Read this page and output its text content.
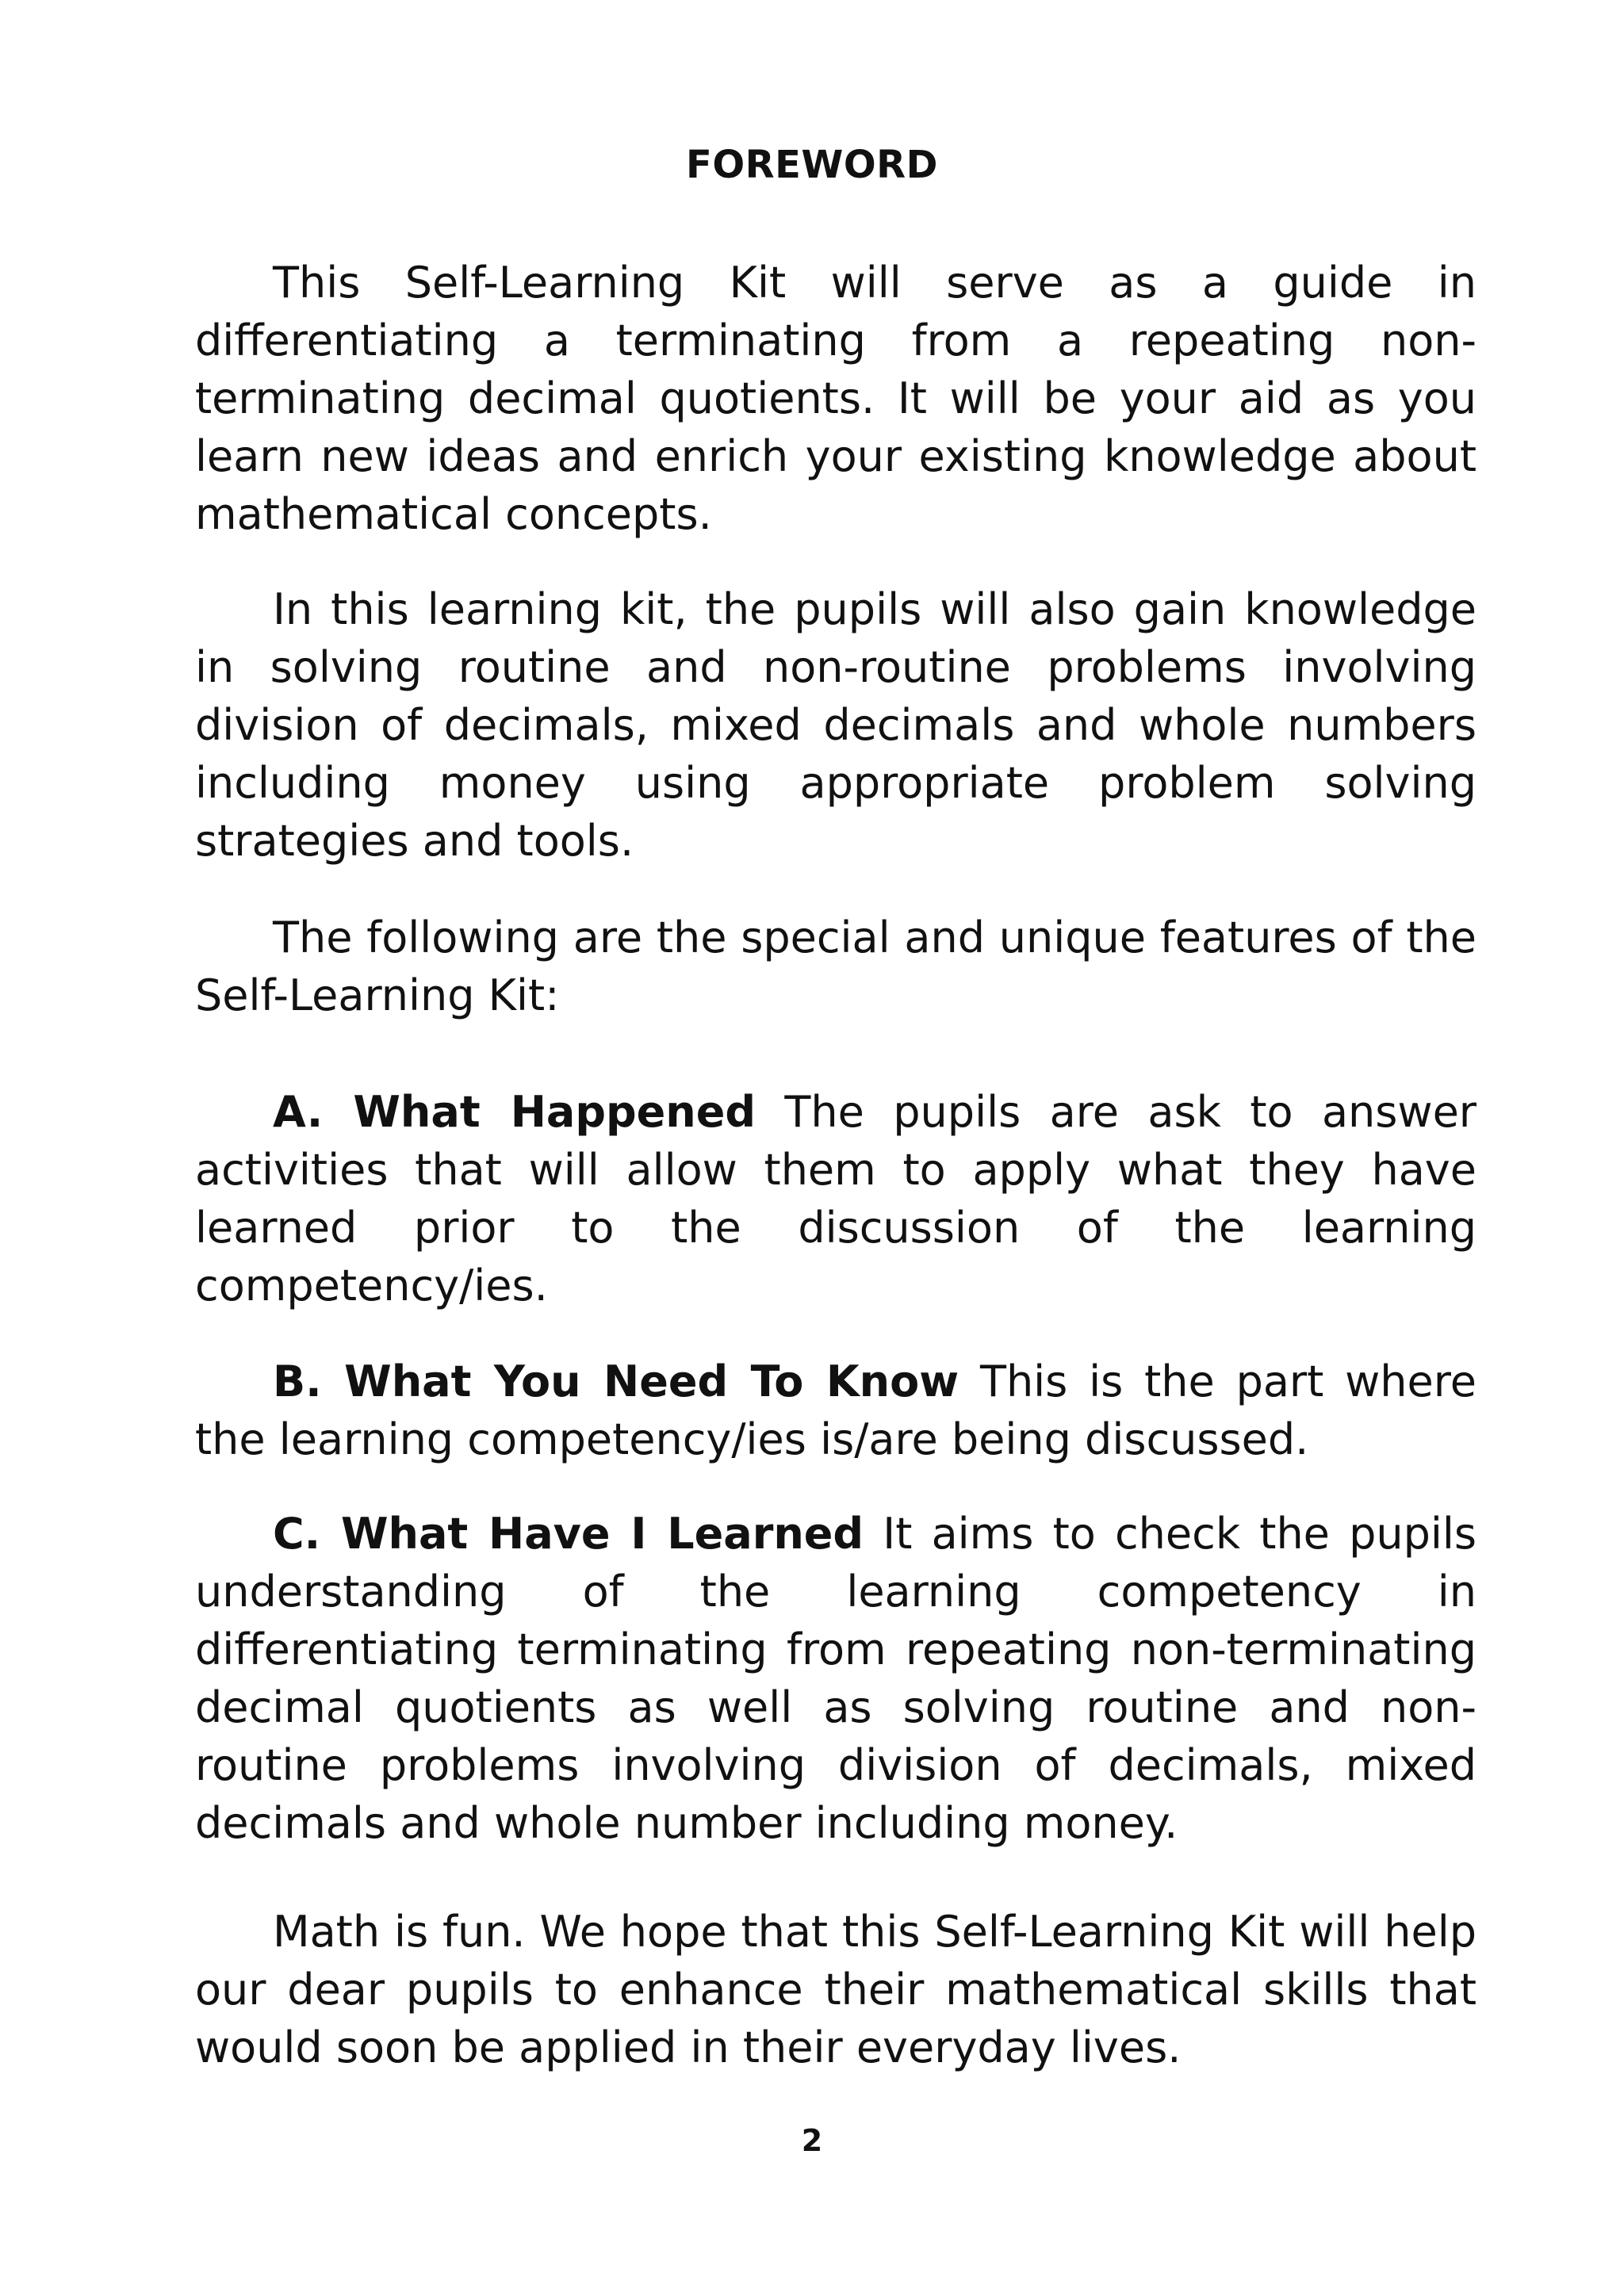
FOREWORD

This Self-Learning Kit will serve as a guide in differentiating a terminating from a repeating non-terminating decimal quotients. It will be your aid as you learn new ideas and enrich your existing knowledge about mathematical concepts.

In this learning kit, the pupils will also gain knowledge in solving routine and non-routine problems involving division of decimals, mixed decimals and whole numbers including money using appropriate problem solving strategies and tools.

The following are the special and unique features of the Self-Learning Kit:

A. What Happened The pupils are ask to answer activities that will allow them to apply what they have learned prior to the discussion of the learning competency/ies.

B. What You Need To Know This is the part where the learning competency/ies is/are being discussed.

C. What Have I Learned It aims to check the pupils understanding of the learning competency in differentiating terminating from repeating non-terminating decimal quotients as well as solving routine and non-routine problems involving division of decimals, mixed decimals and whole number including money.

Math is fun. We hope that this Self-Learning Kit will help our dear pupils to enhance their mathematical skills that would soon be applied in their everyday lives.

2
